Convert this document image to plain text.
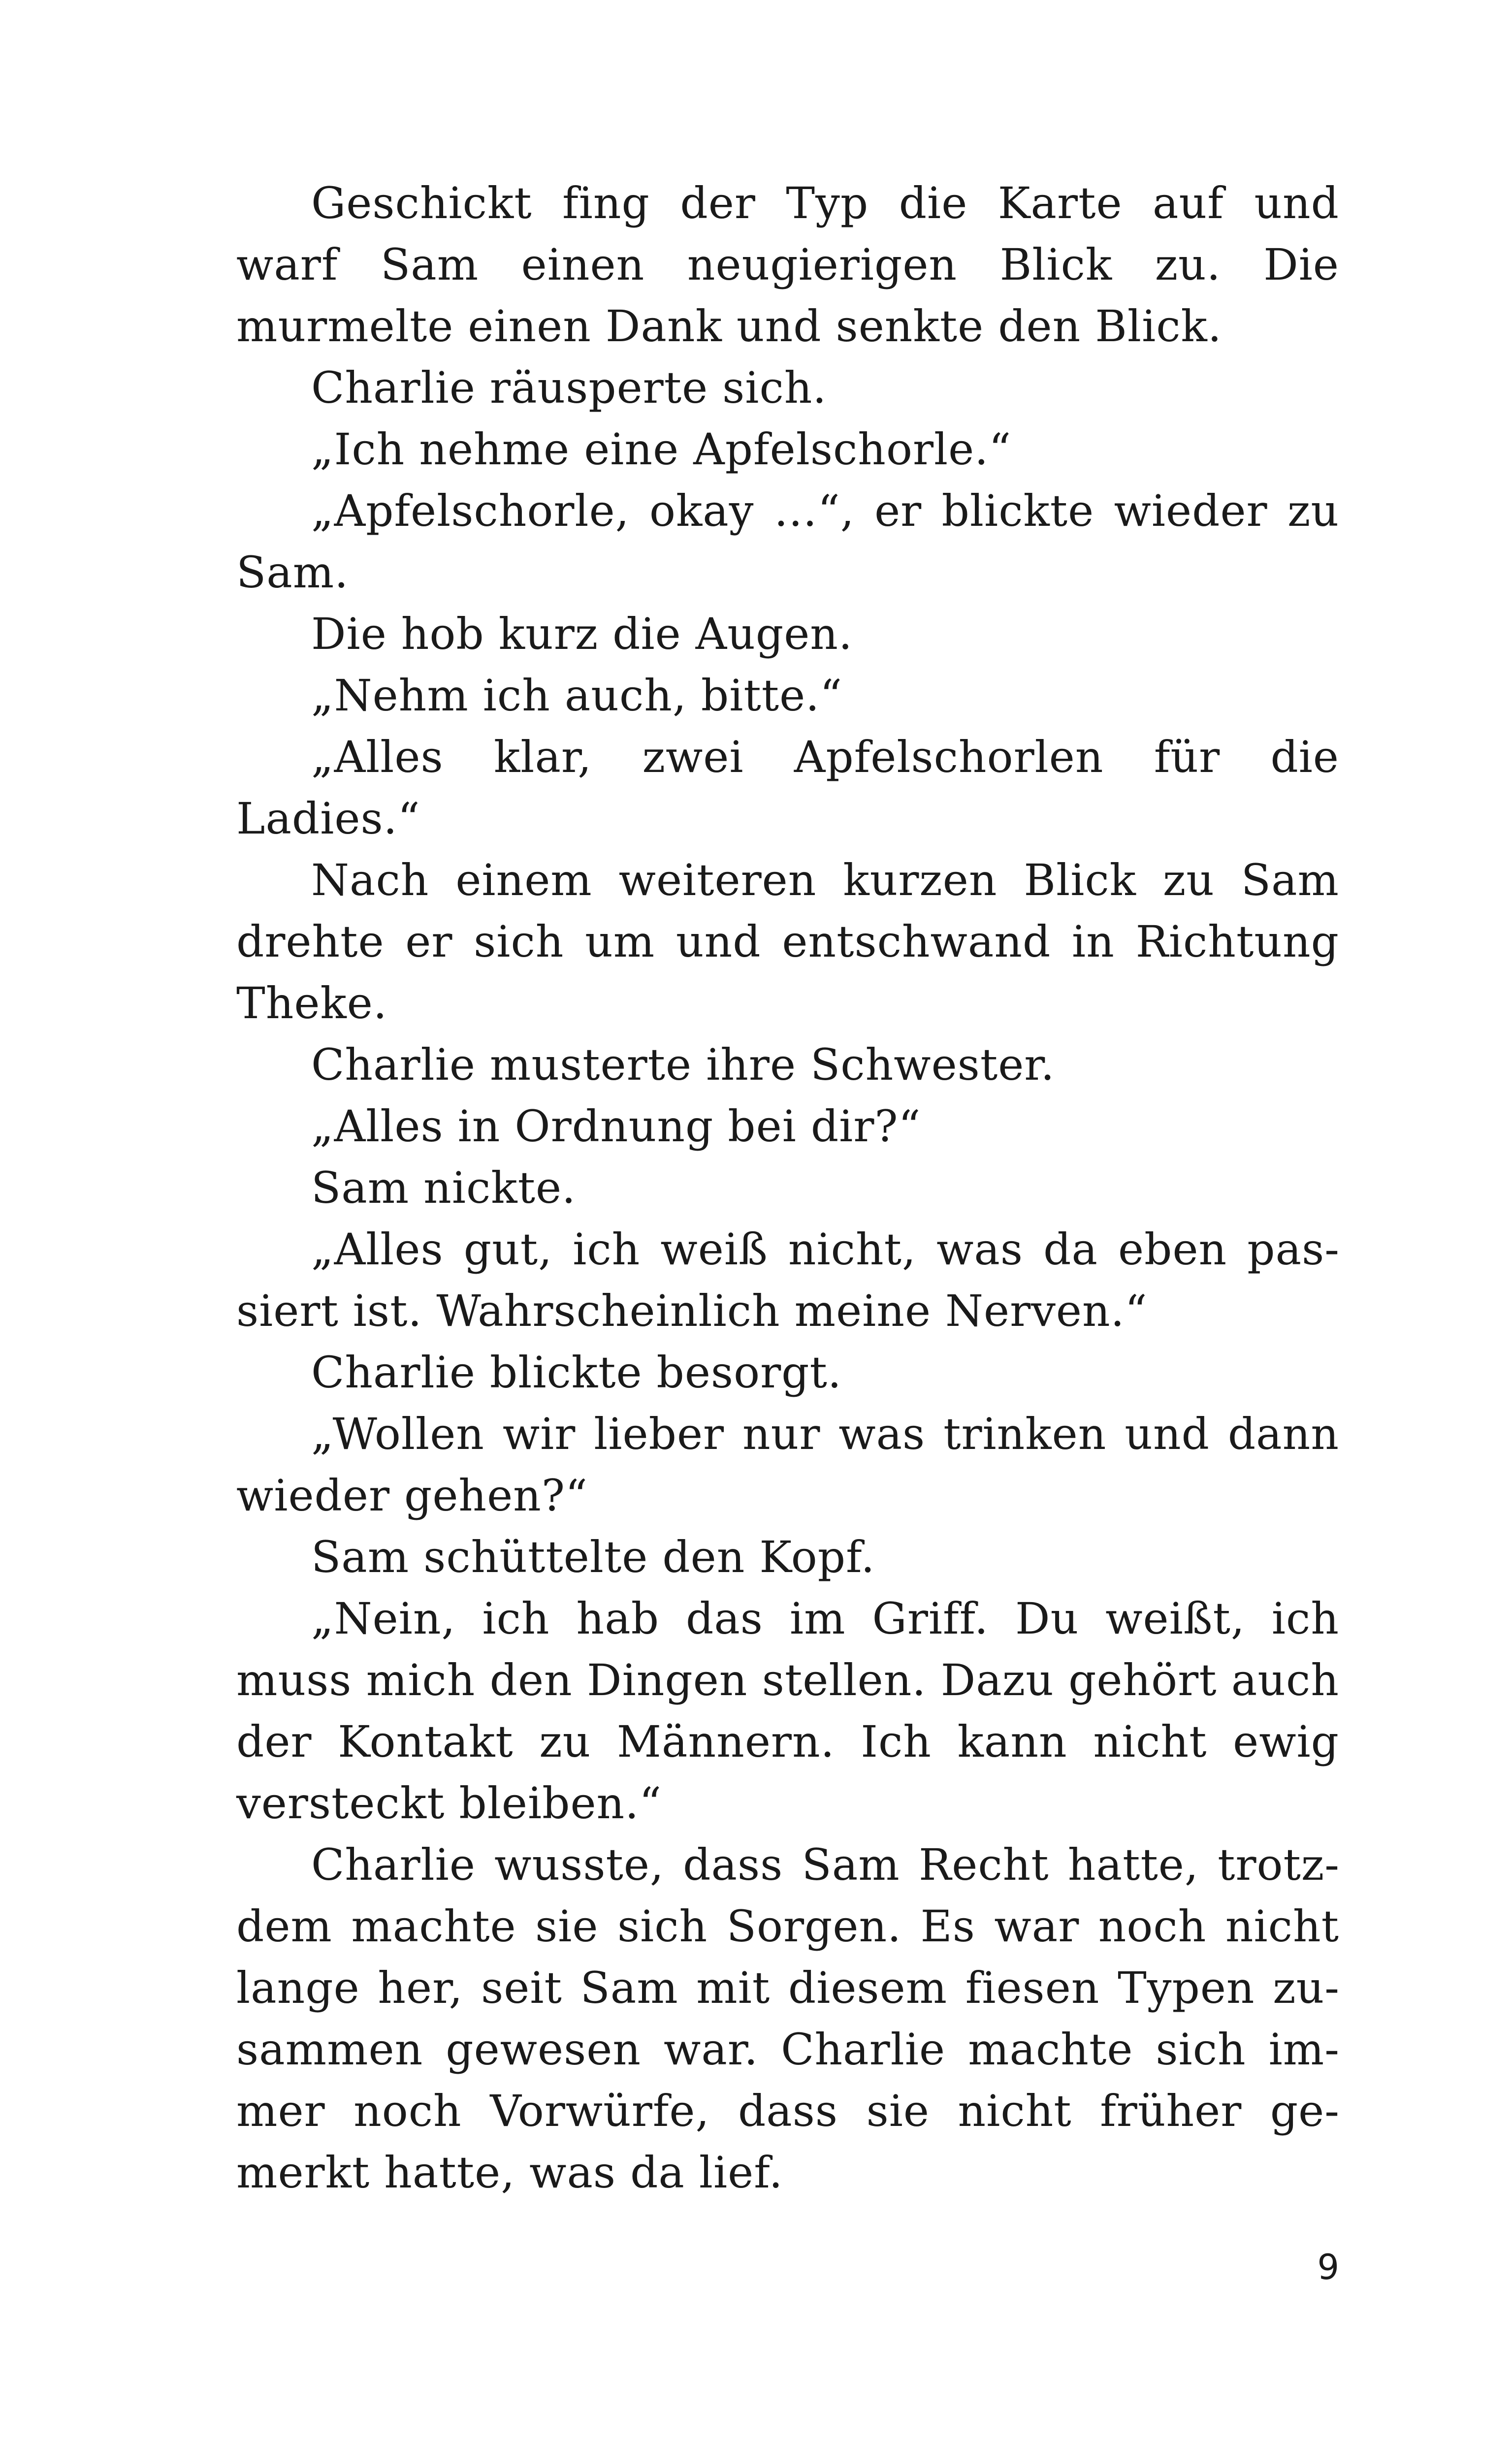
Geschickt fing der Typ die Karte auf und warf Sam einen neugierigen Blick zu. Die murmelte einen Dank und senkte den Blick.

Charlie räusperte sich.

„Ich nehme eine Apfelschorle.“

„Apfelschorle, okay …“, er blickte wieder zu Sam.

Die hob kurz die Augen.

„Nehm ich auch, bitte.“

„Alles klar, zwei Apfelschorlen für die Ladies.“

Nach einem weiteren kurzen Blick zu Sam drehte er sich um und entschwand in Richtung Theke.

Charlie musterte ihre Schwester.

„Alles in Ordnung bei dir?“

Sam nickte.

„Alles gut, ich weiß nicht, was da eben passiert ist. Wahrscheinlich meine Nerven.“

Charlie blickte besorgt.

„Wollen wir lieber nur was trinken und dann wieder gehen?“

Sam schüttelte den Kopf.

„Nein, ich hab das im Griff. Du weißt, ich muss mich den Dingen stellen. Dazu gehört auch der Kontakt zu Männern. Ich kann nicht ewig versteckt bleiben.“

Charlie wusste, dass Sam Recht hatte, trotzdem machte sie sich Sorgen. Es war noch nicht lange her, seit Sam mit diesem fiesen Typen zusammen gewesen war. Charlie machte sich immer noch Vorwürfe, dass sie nicht früher gemerkt hatte, was da lief.

9
